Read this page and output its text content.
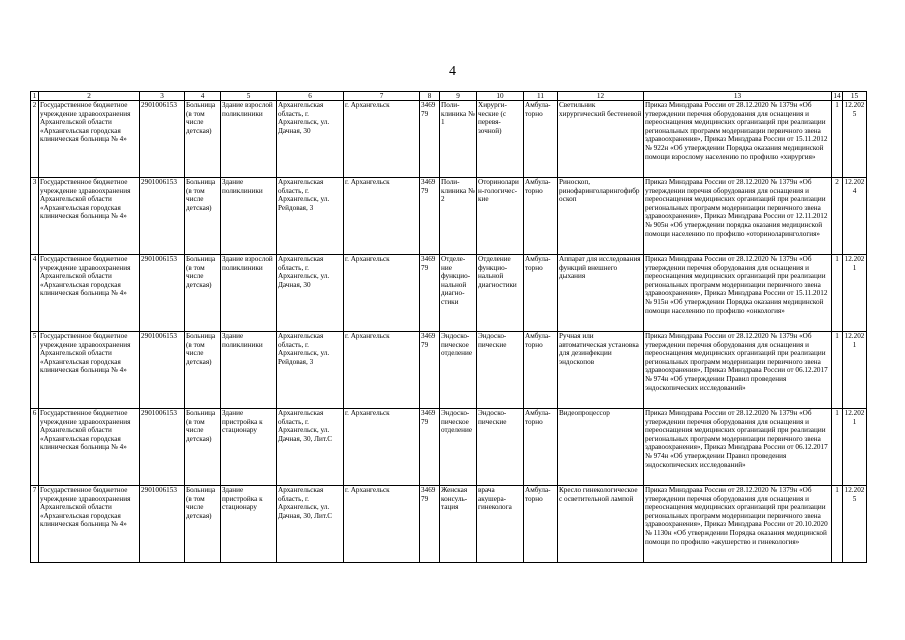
4
1	2	3	4	5	6	7	8	9	10	11	12	13	14	15
2	Государственное бюджетное учреждение здравоохранения Архангельской области «Архангельская городская клиническая больница № 4»	2901006153	Больница (в том числе детская)	Здание взрослой поликлиники	Архангельская область, г. Архангельск, ул. Дачная, 30	г. Архангельск	346979	Поли-клиника № 1	Хирурги-ческие (с перевя-зочной)	Амбула-торно	Светильник хирургический бестеневой	Приказ Минздрава России от 28.12.2020 № 1379н «Об утверждении перечня оборудования для оснащения и переоснащения медицинских организаций при реализации региональных программ модернизации первичного звена здравоохранения», Приказ Минздрава России от 15.11.2012 № 922н «Об утверждении Порядка оказания медицинской помощи взрослому населению по профилю «хирургия»	1	12.2025
3	Государственное бюджетное учреждение здравоохранения Архангельской области «Архангельская городская клиническая больница № 4»	2901006153	Больница (в том числе детская)	Здание поликлиники	Архангельская область, г. Архангельск, ул. Рейдовая, 3	г. Архангельск	346979	Поли-клиника № 2	Оториноларин-гологичес-кие	Амбула-торно	Риноскоп, ринофаринголарингофиброскоп	Приказ Минздрава России от 28.12.2020 № 1379н «Об утверждении перечня оборудования для оснащения и переоснащения медицинских организаций при реализации региональных программ модернизации первичного звена здравоохранения», Приказ Минздрава России от 12.11.2012 № 905н «Об утверждении порядка оказания медицинской помощи населению по профилю «оториноларингология»	2	12.2024
4	Государственное бюджетное учреждение здравоохранения Архангельской области «Архангельская городская клиническая больница № 4»	2901006153	Больница (в том числе детская)	Здание взрослой поликлиники	Архангельская область, г. Архангельск, ул. Дачная, 30	г. Архангельск	346979	Отделе-ние функцио-нальной диагно-стики	Отделение функцио-нальной диагностики	Амбула-торно	Аппарат для исследования функций внешнего дыхания	Приказ Минздрава России от 28.12.2020 № 1379н «Об утверждении перечня оборудования для оснащения и переоснащения медицинских организаций при реализации региональных программ модернизации первичного звена здравоохранения», Приказ Минздрава России от 15.11.2012 № 915н «Об утверждении Порядка оказания медицинской помощи населению по профилю «онкология»	1	12.2021
5	Государственное бюджетное учреждение здравоохранения Архангельской области «Архангельская городская клиническая больница № 4»	2901006153	Больница (в том числе детская)	Здание поликлиники	Архангельская область, г. Архангельск, ул. Рейдовая, 3	г. Архангельск	346979	Эндоско-пическое отделение	Эндоско-пические	Амбула-торно	Ручная или автоматическая установка для дезинфекции эндоскопов	Приказ Минздрава России от 28.12.2020 № 1379н «Об утверждении перечня оборудования для оснащения и переоснащения медицинских организаций при реализации региональных программ модернизации первичного звена здравоохранения», Приказ Минздрава России от 06.12.2017 № 974н «Об утверждении Правил проведения эндоскопических исследований»	1	12.2021
6	Государственное бюджетное учреждение здравоохранения Архангельской области «Архангельская городская клиническая больница № 4»	2901006153	Больница (в том числе детская)	Здание пристройка к стационару	Архангельская область, г. Архангельск, ул. Дачная, 30, Лит.С	г. Архангельск	346979	Эндоско-пическое отделение	Эндоско-пические	Амбула-торно	Видеопроцессор	Приказ Минздрава России от 28.12.2020 № 1379н «Об утверждении перечня оборудования для оснащения и переоснащения медицинских организаций при реализации региональных программ модернизации первичного звена здравоохранения», Приказ Минздрава России от 06.12.2017 № 974н «Об утверждении Правил проведения эндоскопических исследований»	1	12.2021
7	Государственное бюджетное учреждение здравоохранения Архангельской области «Архангельская городская клиническая больница № 4»	2901006153	Больница (в том числе детская)	Здание пристройка к стационару	Архангельская область, г. Архангельск, ул. Дачная, 30, Лит.С	г. Архангельск	346979	Женская консуль-тация	врача акушера-гинеколога	Амбула-торно	Кресло гинекологическое с осветительной лампой	Приказ Минздрава России от 28.12.2020 № 1379н «Об утверждении перечня оборудования для оснащения и переоснащения медицинских организаций при реализации региональных программ модернизации первичного звена здравоохранения», Приказ Минздрава России от 20.10.2020 № 1130н «Об утверждении Порядка оказания медицинской помощи по профилю «акушерство и гинекология»	1	12.2025
